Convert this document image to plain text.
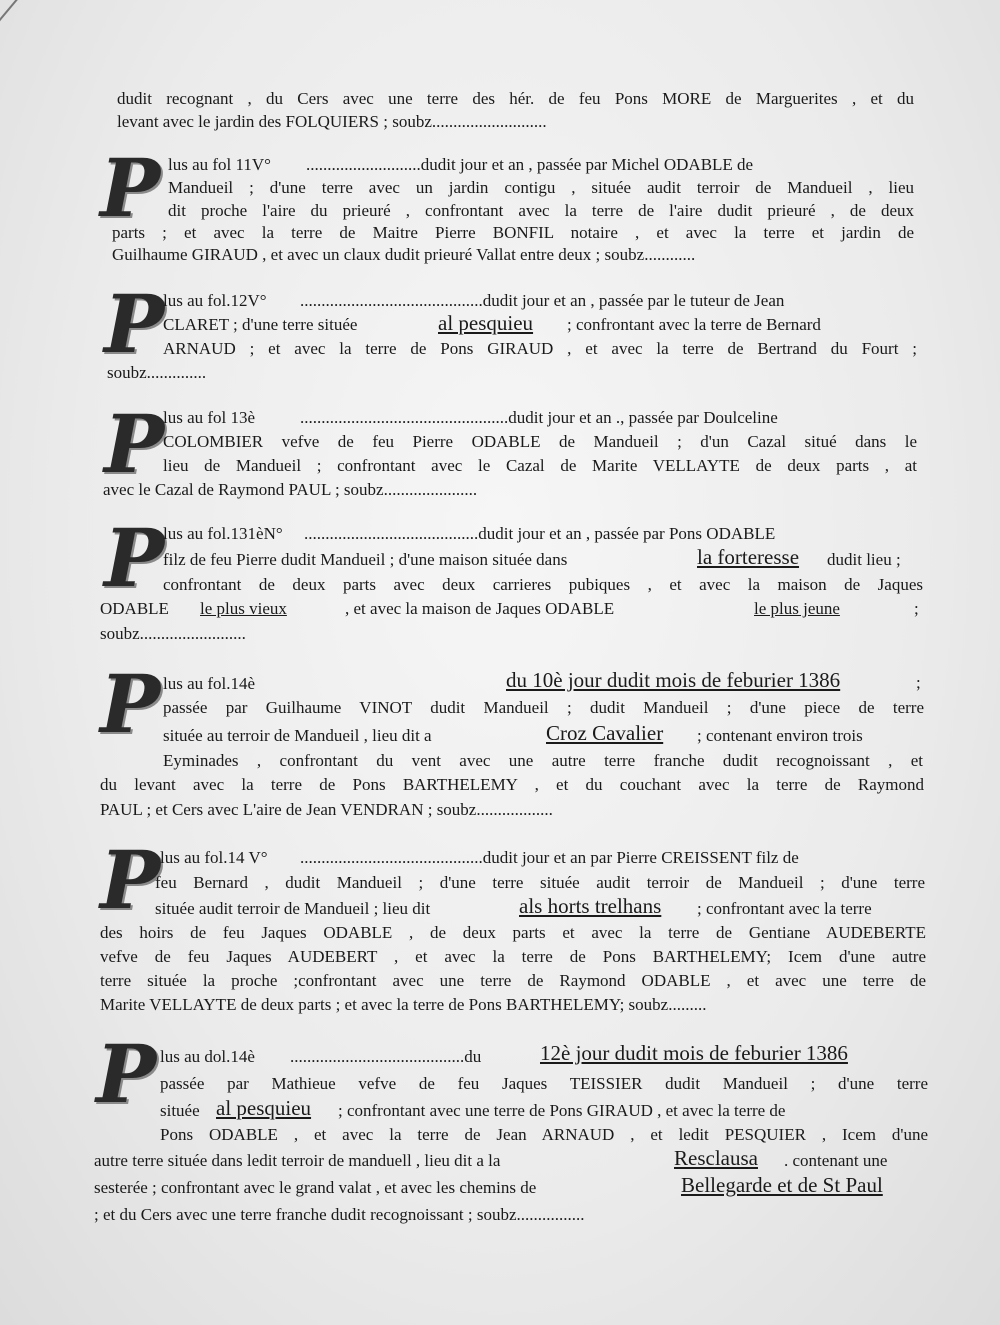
dudit recognant , du Cers avec une terre des hér. de feu Pons MORE de Marguerites , et du
levant avec le jardin des FOLQUIERS ; soubz...........................
P lus au fol 11V° ...........................dudit jour et an , passée par Michel ODABLE de
Mandueil ; d'une terre avec un jardin contigu , située audit terroir de Mandueil , lieu
dit proche l'aire du prieuré , confrontant avec la terre de l'aire dudit prieuré , de deux
parts ; et avec la terre de Maitre Pierre BONFIL notaire , et avec la terre et jardin de
Guilhaume GIRAUD , et avec un claux dudit prieuré Vallat entre deux ; soubz............
P
lus au fol.12V° ...........................................dudit jour et an , passée par le tuteur de Jean
CLARET ; d'une terre située	al pesquieu ; confrontant avec la terre de Bernard
ARNAUD ; et avec la terre de Pons GIRAUD , et avec la terre de Bertrand du Fourt ;
soubz..............
P
lus au fol 13è	.................................................dudit jour et an ., passée par Doulceline
COLOMBIER vefve de feu Pierre ODABLE de Mandueil ; d'un Cazal situé dans le
lieu de Mandueil ; confrontant avec le Cazal de Marite VELLAYTE de deux parts , at
avec le Cazal de Raymond PAUL ; soubz......................
P
lus au fol.131èN° .........................................dudit jour et an , passée par Pons ODABLE
filz de feu Pierre dudit Mandueil ; d'une maison située dans	la forteresse dudit lieu ;
confrontant de deux parts avec deux carrieres pubiques , et avec la maison de Jaques
ODABLE le plus vieux	, et avec la maison de Jaques ODABLE	le plus jeune	;
soubz.........................
P lus au fol.14è	du 10è jour dudit mois de feburier 1386	;
passée par Guilhaume VINOT dudit Mandueil ; dudit Mandueil ; d'une piece de terre
située au terroir de Mandueil , lieu dit a	Croz Cavalier ; contenant environ trois
Eyminades , confrontant du vent avec une autre terre franche dudit recognoissant , et
du levant avec la terre de Pons BARTHELEMY , et du couchant avec la terre de Raymond
PAUL ; et Cers avec L'aire de Jean VENDRAN ; soubz..................
P lus au fol.14 V° ...........................................dudit jour et an par Pierre CREISSENT filz de
feu Bernard , dudit Mandueil ; d'une terre située audit terroir de Mandueil ; d'une terre
située audit terroir de Mandueil ; lieu dit	als horts trelhans ; confrontant avec la terre
des hoirs de feu Jaques ODABLE , de deux parts et avec la terre de Gentiane AUDEBERTE
vefve de feu Jaques AUDEBERT , et avec la terre de Pons BARTHELEMY; Icem d'une autre
terre située la proche ;confrontant avec une terre de Raymond ODABLE , et avec une terre de
Marite VELLAYTE de deux parts ; et avec la terre de Pons BARTHELEMY; soubz.........
P lus au dol.14è .........................................du	12è jour dudit mois de feburier 1386
passée par Mathieue vefve de feu Jaques TEISSIER dudit Mandueil ; d'une terre
située al pesquieu ; confrontant avec une terre de Pons GIRAUD , et avec la terre de
Pons ODABLE , et avec la terre de Jean ARNAUD , et ledit PESQUIER , Icem d'une
autre terre située dans ledit terroir de manduell , lieu dit a la	Resclausa . contenant une
sesterée ; confrontant avec le grand valat , et avec les chemins de	Bellegarde et de St Paul
; et du Cers avec une terre franche dudit recognoissant ; soubz................
